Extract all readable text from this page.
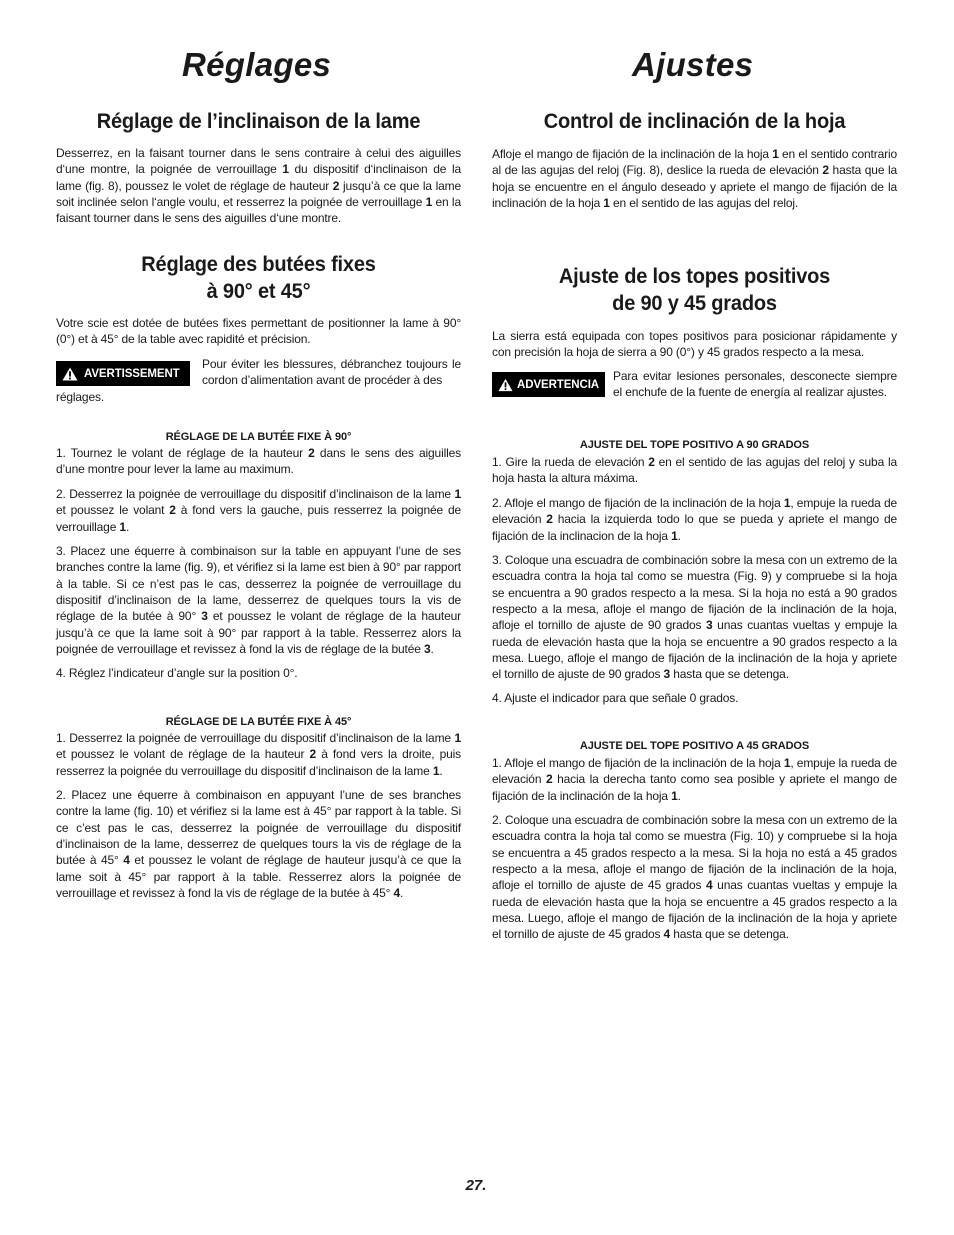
Réglages
Réglage de l’inclinaison de la lame

Desserrez, en la faisant tourner dans le sens contraire à celui des aiguilles d‘une montre, la poignée de verrouillage 1 du dispositif d‘inclinaison de la lame (fig. 8), poussez le volet de réglage de hauteur 2 jusqu’à ce que la lame soit inclinée selon l‘angle voulu, et resserrez la poignée de verrouillage 1 en la faisant tourner dans le sens des aiguilles d‘une montre.

Réglage des butées fixes
à 90° et 45°

Votre scie est dotée de butées fixes permettant de positionner la lame à 90° (0°) et à 45° de la table avec rapidité et précision.

AVERTISSEMENT

Pour éviter les blessures, débranchez toujours le cordon d’alimentation avant de procéder à des

réglages.

RÉGLAGE DE LA BUTÉE FIXE À 90°

1. Tournez le volant de réglage de la hauteur 2 dans le sens des aiguilles d’une montre pour lever la lame au maximum.

2. Desserrez la poignée de verrouillage du dispositif d’inclinaison de la lame 1 et poussez le volant 2 à fond vers la gauche, puis resserrez la poignée de verrouillage 1.

3. Placez une équerre à combinaison sur la table en appuyant l’une de ses branches contre la lame (fig. 9), et vérifiez si la lame est bien à 90° par rapport à la table. Si ce n’est pas le cas, desserrez la poignée de verrouillage du dispositif d’inclinaison de la lame, desserrez de quelques tours la vis de réglage de la butée à 90° 3 et poussez le volant de réglage de la hauteur jusqu’à ce que la lame soit à 90° par rapport à la table. Resserrez alors la poignée de verrouillage et revissez à fond la vis de réglage de la butée 3.

4. Réglez l’indicateur d’angle sur la position 0°.

RÉGLAGE DE LA BUTÉE FIXE À 45°

1. Desserrez la poignée de verrouillage du dispositif d’inclinaison de la lame 1 et poussez le volant de réglage de la hauteur 2 à fond vers la droite, puis resserrez la poignée du verrouillage du dispositif d’inclinaison de la lame 1.

2. Placez une équerre à combinaison en appuyant l’une de ses branches contre la lame (fig. 10) et vérifiez si la lame est à 45° par rapport à la table. Si ce c’est pas le cas, desserrez la poignée de verrouillage du dispositif d’inclinaison de la lame, desserrez de quelques tours la vis de réglage de la butée à 45° 4 et poussez le volant de réglage de hauteur jusqu’à ce que la lame soit à 45° par rapport à la table. Resserrez alors la poignée de verrouillage et revissez à fond la vis de réglage de la butée à 45° 4.

Ajustes
Control de inclinación de la hoja

Afloje el mango de fijación de la inclinación de la hoja 1 en el sentido contrario al de las agujas del reloj (Fig. 8), deslice la rueda de elevación 2 hasta que la hoja se encuentre en el ángulo deseado y apriete el mango de fijación de la inclinación de la hoja 1 en el sentido de las agujas del reloj.

Ajuste de los topes positivos
de 90 y 45 grados

La sierra está equipada con topes positivos para posicionar rápidamente y con precisión la hoja de sierra a 90 (0°) y 45 grados respecto a la mesa.

ADVERTENCIA

Para evitar lesiones personales, desconecte siempre el enchufe de la fuente de energía al realizar ajustes.

AJUSTE DEL TOPE POSITIVO A 90 GRADOS

1. Gire la rueda de elevación 2 en el sentido de las agujas del reloj y suba la hoja hasta la altura máxima.

2. Afloje el mango de fijación de la inclinación de la hoja 1, empuje la rueda de elevación 2 hacia la izquierda todo lo que se pueda y apriete el mango de fijación de la inclinacion de la hoja 1.

3. Coloque una escuadra de combinación sobre la mesa con un extremo de la escuadra contra la hoja tal como se muestra (Fig. 9) y compruebe si la hoja se encuentra a 90 grados respecto a la mesa. Si la hoja no está a 90 grados respecto a la mesa, afloje el mango de fijación de la inclinación de la hoja, afloje el tornillo de ajuste de 90 grados 3 unas cuantas vueltas y empuje la rueda de elevación hasta que la hoja se encuentre a 90 grados respecto a la mesa. Luego, afloje el mango de fijación de la inclinación de la hoja y apriete el tornillo de ajuste de 90 grados 3 hasta que se detenga.

4. Ajuste el indicador para que señale 0 grados.

AJUSTE DEL TOPE POSITIVO A 45 GRADOS

1. Afloje el mango de fijación de la inclinación de la hoja 1, empuje la rueda de elevación 2 hacia la derecha tanto como sea posible y apriete el mango de fijación de la inclinación de la hoja 1.

2. Coloque una escuadra de combinación sobre la mesa con un extremo de la escuadra contra la hoja tal como se muestra (Fig. 10) y compruebe si la hoja se encuentra a 45 grados respecto a la mesa. Si la hoja no está a 45 grados respecto a la mesa, afloje el mango de fijación de la inclinación de la hoja, afloje el tornillo de ajuste de 45 grados 4 unas cuantas vueltas y empuje la rueda de elevación hasta que la hoja se encuentre a 45 grados respecto a la mesa. Luego, afloje el mango de fijación de la inclinación de la hoja y apriete el tornillo de ajuste de 45 grados 4 hasta que se detenga.

27.
